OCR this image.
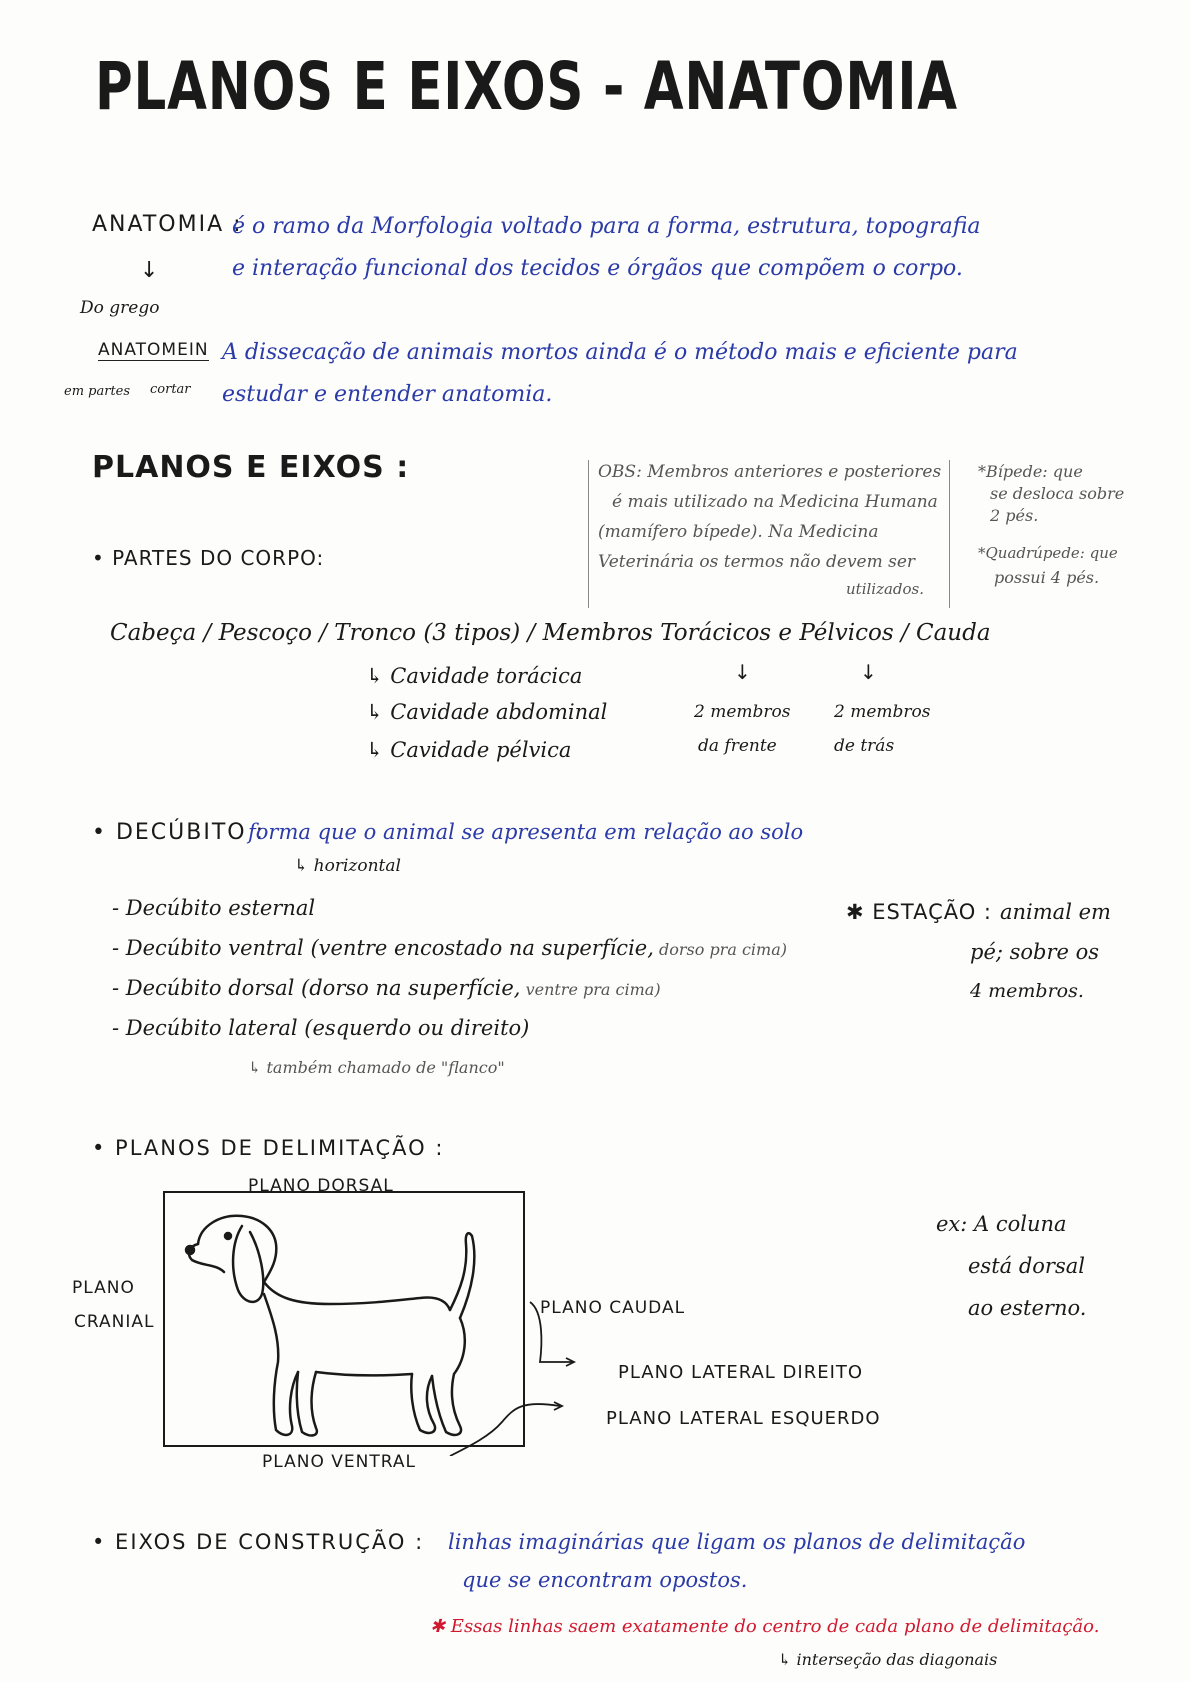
PLANOS E EIXOS - ANATOMIA
ANATOMIA :
é o ramo da Morfologia voltado para a forma, estrutura, topografia
e interação funcional dos tecidos e órgãos que compõem o corpo.
↓
Do grego
ANATOMEIN
em partes cortar
A dissecação de animais mortos ainda é o método mais e eficiente para
estudar e entender anatomia.
PLANOS E EIXOS :	OBS: Membros anteriores e posteriores
é mais utilizado na Medicina Humana
(mamífero bípede). Na Medicina
Veterinária os termos não devem ser
utilizados.
*Bípede: que
se desloca sobre
2 pés.
*Quadrúpede: que
possui 4 pés.
• PARTES DO CORPO:
Cabeça / Pescoço / Tronco (3 tipos) / Membros Torácicos e Pélvicos / Cauda
↳ Cavidade torácica
↳ Cavidade abdominal
↳ Cavidade pélvica
↓	↓
2 membros
da frente
2 membros
de trás
• DECÚBITO :
forma que o animal se apresenta em relação ao solo
↳ horizontal
- Decúbito esternal
- Decúbito ventral (ventre encostado na superfície, dorso pra cima)
- Decúbito dorsal (dorso na superfície, ventre pra cima)
- Decúbito lateral (esquerdo ou direito)
↳ também chamado de "flanco"
✱ ESTAÇÃO : animal em
pé; sobre os
4 membros.
• PLANOS DE DELIMITAÇÃO :
PLANO DORSAL
PLANO
CRANIAL
PLANO CAUDAL
PLANO LATERAL DIREITO
PLANO LATERAL ESQUERDO
PLANO VENTRAL
ex: A coluna
está dorsal
ao esterno.
• EIXOS DE CONSTRUÇÃO : linhas imaginárias que ligam os planos de delimitação
que se encontram opostos.
✱ Essas linhas saem exatamente do centro de cada plano de delimitação.
↳ interseção das diagonais
